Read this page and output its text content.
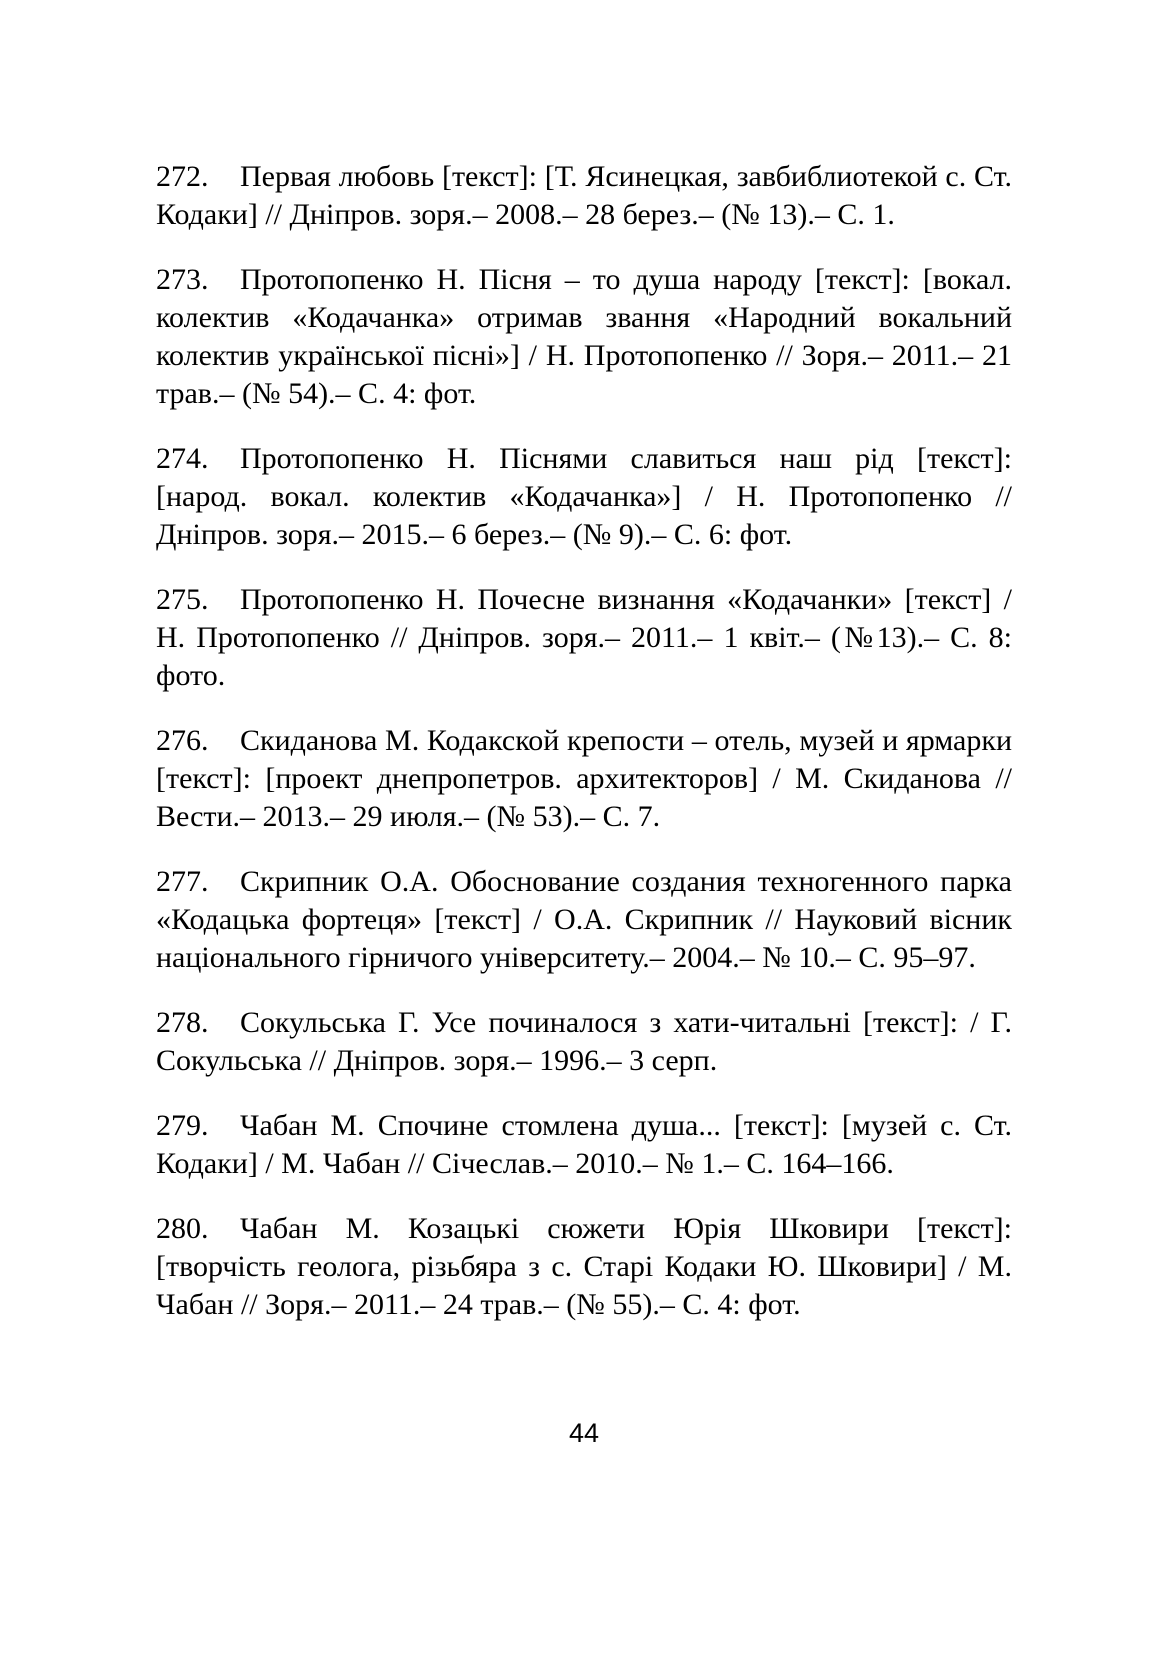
272. Первая любовь [текст]: [Т. Ясинецкая, завбиблиотекой с. Ст. Кодаки] // Дніпров. зоря.– 2008.– 28 берез.– (№ 13).– С. 1.

273. Протопопенко Н. Пісня – то душа народу [текст]: [вокал. колектив «Кодачанка» отримав звання «Народний вокальний колектив української пісні»] / Н. Протопопенко // Зоря.– 2011.– 21 трав.– (№ 54).– С. 4: фот.

274. Протопопенко Н. Піснями славиться наш рід [текст]: [народ. вокал. колектив «Кодачанка»] / Н. Протопопенко // Дніпров. зоря.– 2015.– 6 берез.– (№ 9).– С. 6: фот.

275. Протопопенко Н. Почесне визнання «Кодачанки» [текст] / Н. Протопопенко // Дніпров. зоря.– 2011.– 1 квіт.– (№13).– С. 8: фото.

276. Скиданова М. Кодакской крепости – отель, музей и ярмарки [текст]: [проект днепропетров. архитекторов] / М. Скиданова // Вести.– 2013.– 29 июля.– (№ 53).– С. 7.

277. Скрипник О.А. Обоснование создания техногенного парка «Кодацька фортеця» [текст] / О.А. Скрипник // Науковий вісник національного гірничого університету.– 2004.– № 10.– С. 95–97.

278. Сокульська Г. Усе починалося з хати-читальні [текст]: / Г. Сокульська // Дніпров. зоря.– 1996.– 3 серп.

279. Чабан М. Спочине стомлена душа... [текст]: [музей с. Ст. Кодаки] / М. Чабан // Січеслав.– 2010.– № 1.– С. 164–166.

280. Чабан М. Козацькі сюжети Юрія Шковири [текст]: [творчість геолога, різьбяра з с. Старі Кодаки Ю. Шковири] / М. Чабан // Зоря.– 2011.– 24 трав.– (№ 55).– С. 4: фот.

44
